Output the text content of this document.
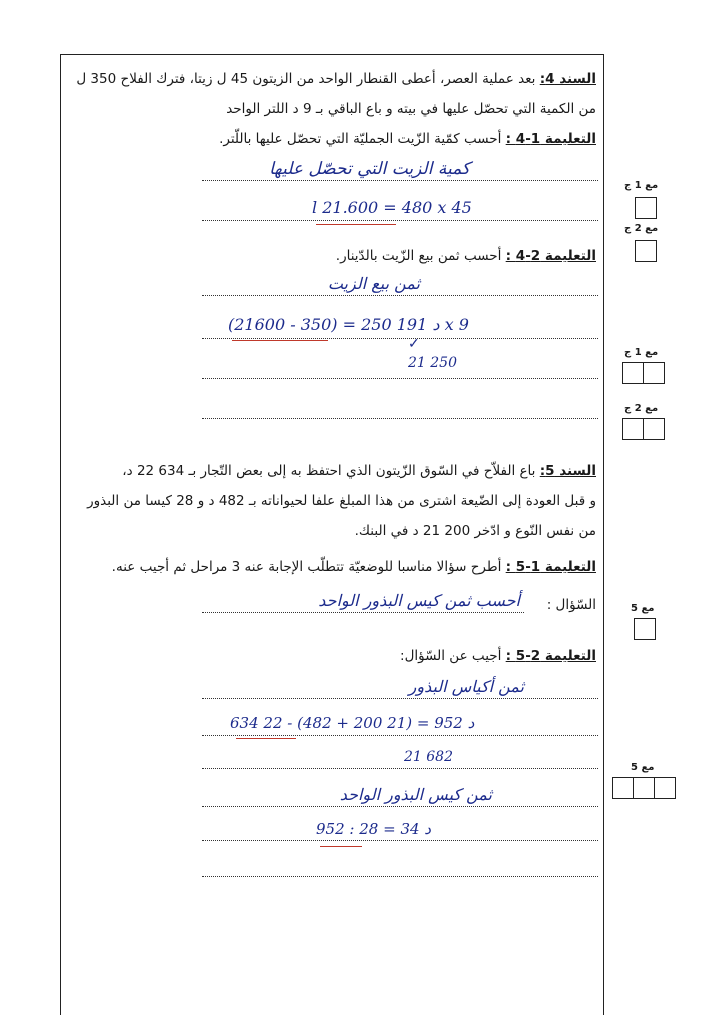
السند 4: بعد عملية العصر، أعطى القنطار الواحد من الزيتون 45 ل زيتا، فترك الفلاح 350 ل
من الكمية التي تحصّل عليها في بيته و باع الباقي بـ 9 د اللتر الواحد
التعليمة 1-4 : أحسب كمّية الزّيت الجمليّة التي تحصّل عليها باللّتر.
كمية الزيت التي تحصّل عليها
l 21.600 = 480 x 45
التعليمة 2-4 : أحسب ثمن بيع الزّيت بالدّينار.
ثمن بيع الزيت
د 191 250 = (350 - 21600) x 9
✓
21 250
السند 5: باع الفلاّح في السّوق الزّيتون الذي احتفظ به إلى بعض التّجار بـ 634 22 د،
و قبل العودة إلى الضّيعة اشترى من هذا المبلغ علفا لحيواناته بـ 482 د و 28 كيسا من البذور
من نفس النّوع و ادّخر 200 21 د في البنك.
التعليمة 1-5 : أطرح سؤالا مناسبا للوضعيّة تتطلّب الإجابة عنه 3 مراحل ثم أجيب عنه.
السّؤال :
أحسب ثمن كيس البذور الواحد
التعليمة 2-5 : أجيب عن السّؤال:
ثمن أكياس البذور
د 952 = (21 200 + 482) - 22 634
21 682
ثمن كيس البذور الواحد
د 34 = 28 : 952
مع 1 ج
مع 2 ج
مع 1 ج
مع 2 ج
مع 5
مع 5
